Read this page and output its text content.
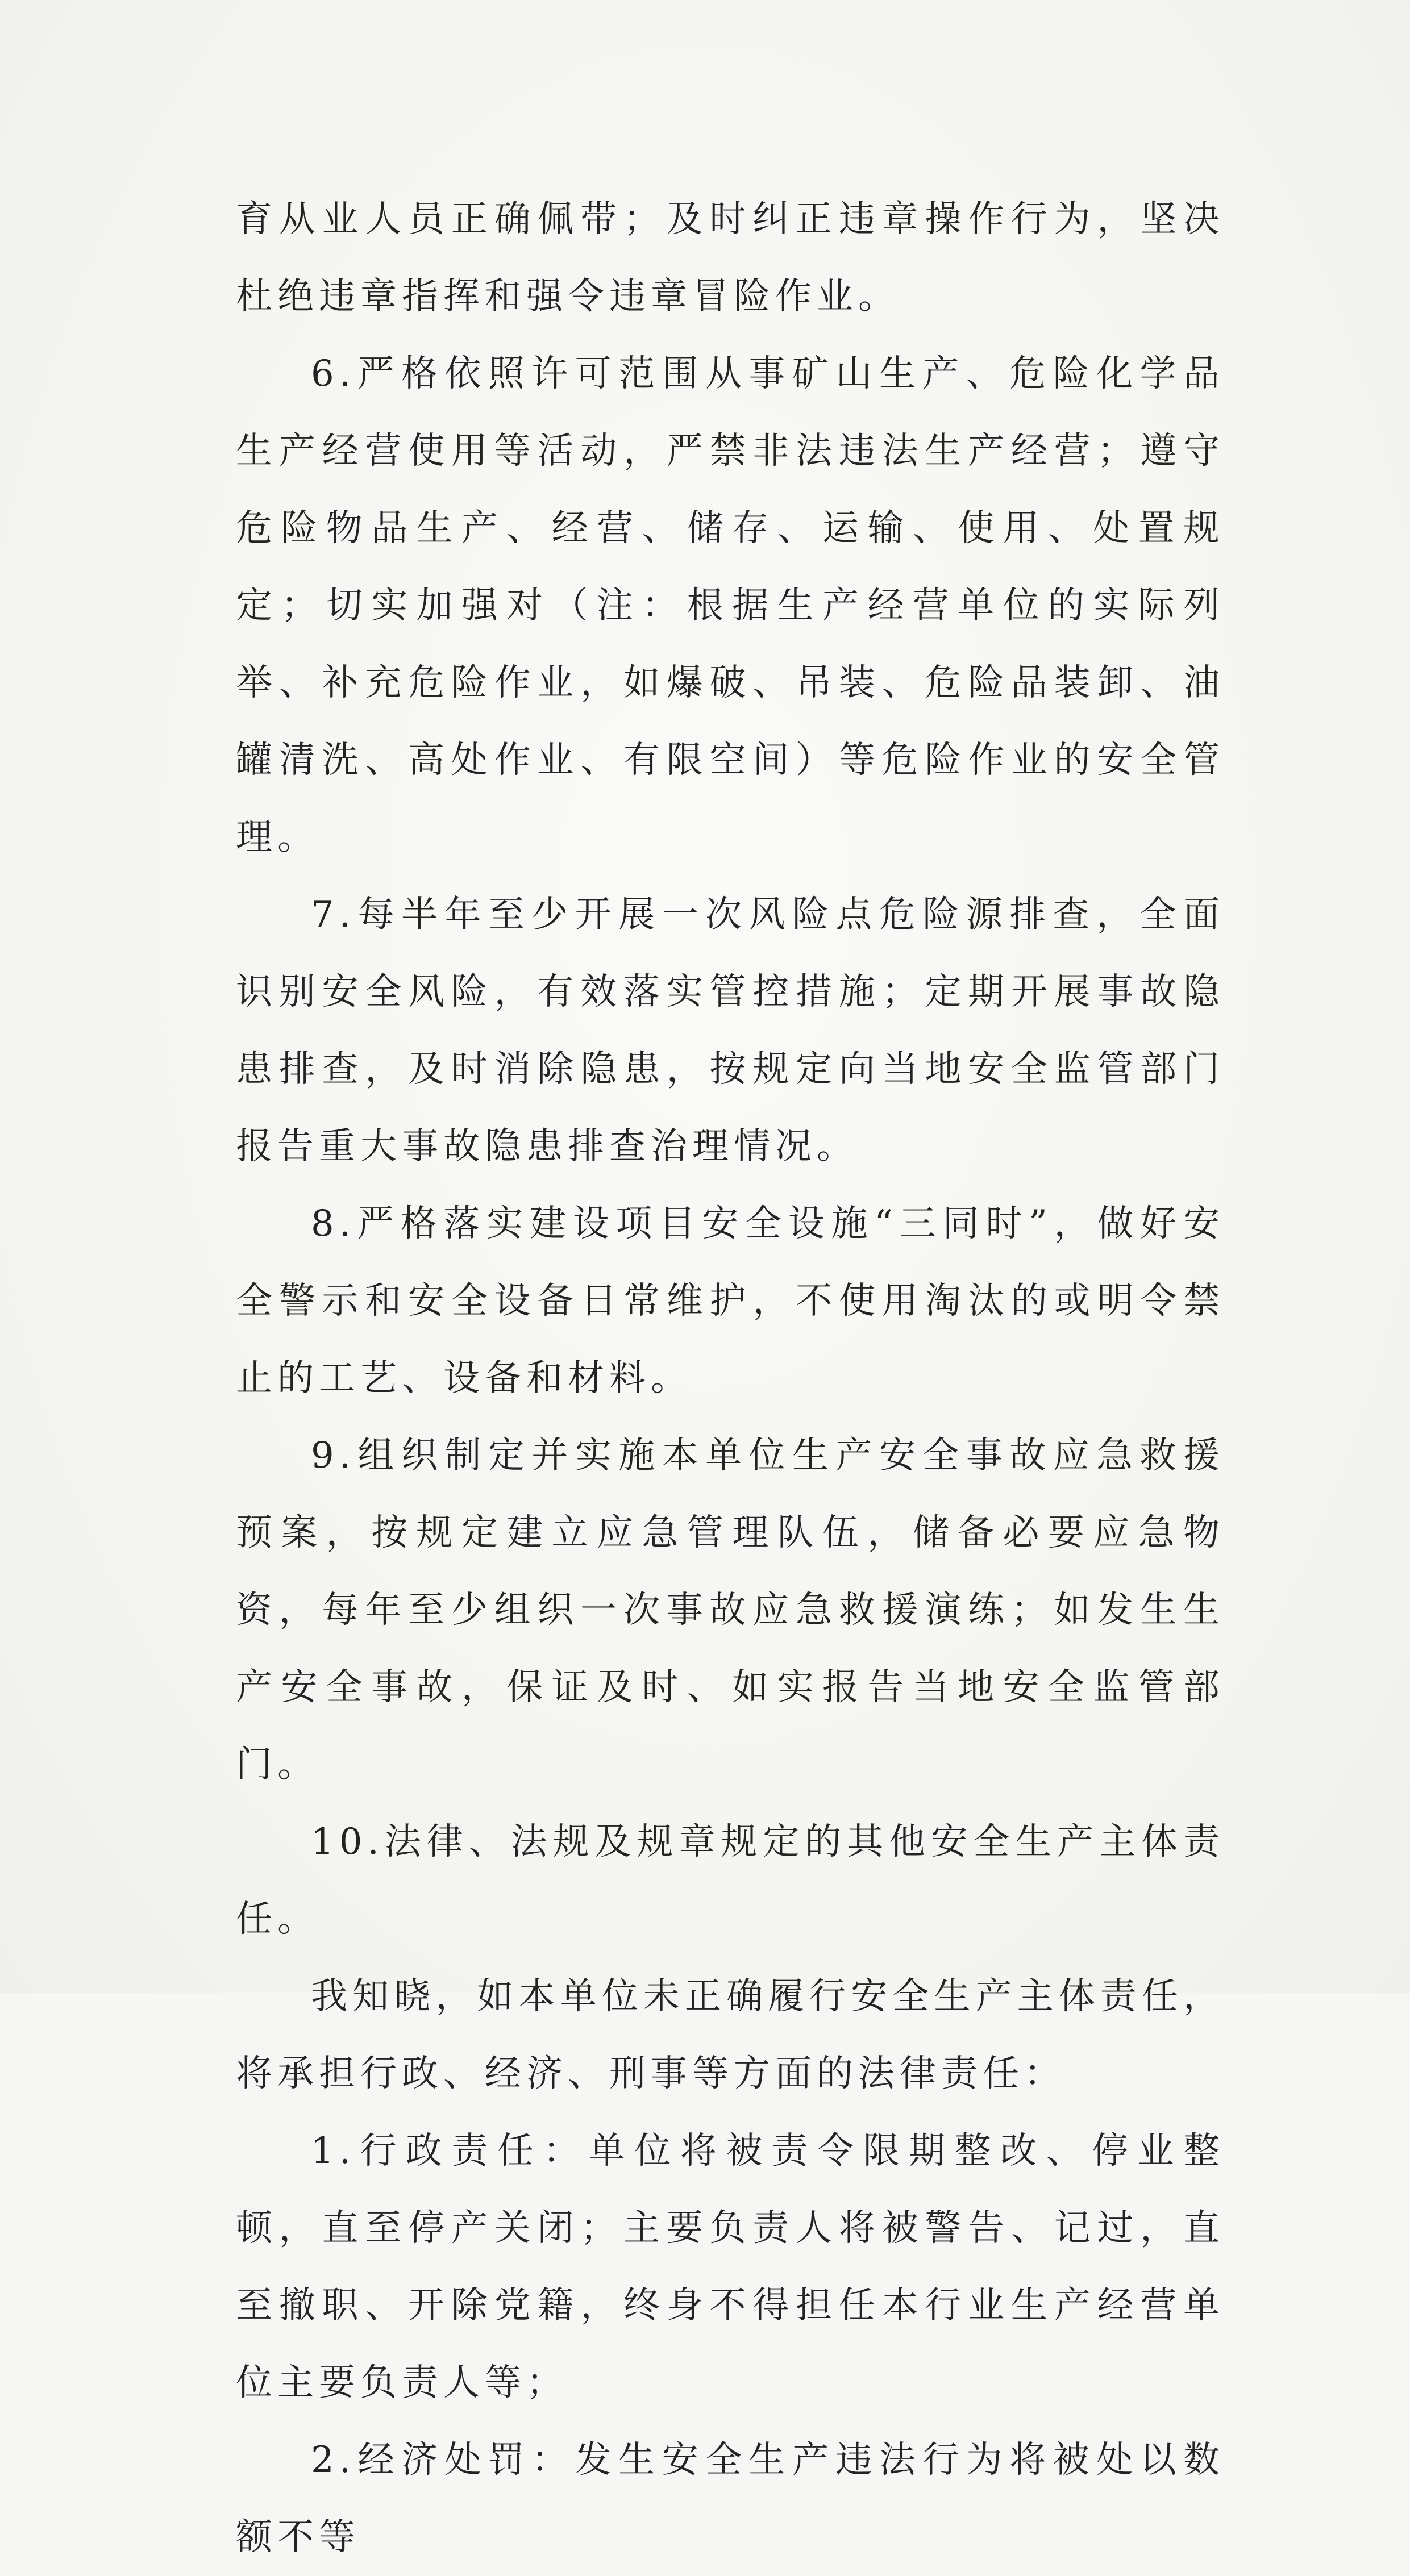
育从业人员正确佩带；及时纠正违章操作行为，坚决杜绝违章指挥和强令违章冒险作业。

6.严格依照许可范围从事矿山生产、危险化学品生产经营使用等活动，严禁非法违法生产经营；遵守危险物品生产、经营、储存、运输、使用、处置规定；切实加强对（注：根据生产经营单位的实际列举、补充危险作业，如爆破、吊装、危险品装卸、油罐清洗、高处作业、有限空间）等危险作业的安全管理。

7.每半年至少开展一次风险点危险源排查，全面识别安全风险，有效落实管控措施；定期开展事故隐患排查，及时消除隐患，按规定向当地安全监管部门报告重大事故隐患排查治理情况。

8.严格落实建设项目安全设施“三同时”，做好安全警示和安全设备日常维护，不使用淘汰的或明令禁止的工艺、设备和材料。

9.组织制定并实施本单位生产安全事故应急救援预案，按规定建立应急管理队伍，储备必要应急物资，每年至少组织一次事故应急救援演练；如发生生产安全事故，保证及时、如实报告当地安全监管部门。

10.法律、法规及规章规定的其他安全生产主体责任。

我知晓，如本单位未正确履行安全生产主体责任，将承担行政、经济、刑事等方面的法律责任：

1.行政责任：单位将被责令限期整改、停业整顿，直至停产关闭；主要负责人将被警告、记过，直至撤职、开除党籍，终身不得担任本行业生产经营单位主要负责人等；

2.经济处罚：发生安全生产违法行为将被处以数额不等
